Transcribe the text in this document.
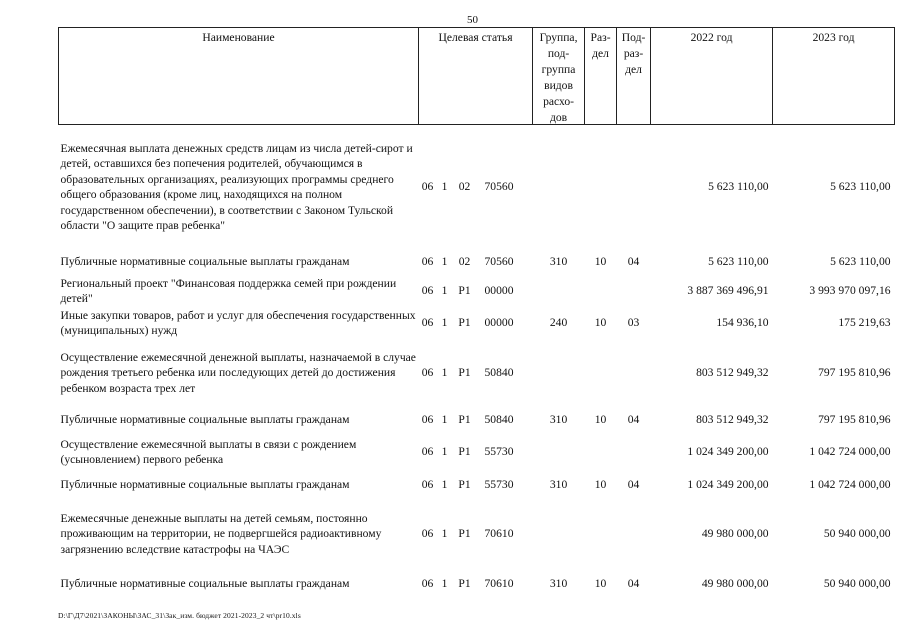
50
Наименование	Целевая статья				Группа, под- группа видов расхо- дов	Раз- дел	Под- раз- дел	2022 год	2023 год
Ежемесячная выплата денежных средств лицам из числа детей-сирот и детей, оставшихся без попечения родителей, обучающимся в образовательных организациях, реализующих программы среднего общего образования (кроме лиц, находящихся на полном государственном обеспечении), в соответствии с Законом Тульской области "О защите прав ребенка"	06	1	02	70560				5 623 110,00	5 623 110,00
Публичные нормативные социальные выплаты гражданам	06	1	02	70560	310	10	04	5 623 110,00	5 623 110,00
Региональный проект "Финансовая поддержка семей при рождении детей"	06	1	P1	00000				3 887 369 496,91	3 993 970 097,16
Иные закупки товаров, работ и услуг для обеспечения государственных (муниципальных) нужд	06	1	P1	00000	240	10	03	154 936,10	175 219,63
Осуществление ежемесячной денежной выплаты, назначаемой в случае рождения третьего ребенка или последующих детей до достижения ребенком возраста трех лет	06	1	P1	50840				803 512 949,32	797 195 810,96
Публичные нормативные социальные выплаты гражданам	06	1	P1	50840	310	10	04	803 512 949,32	797 195 810,96
Осуществление ежемесячной выплаты в связи с рождением (усыновлением) первого ребенка	06	1	P1	55730				1 024 349 200,00	1 042 724 000,00
Публичные нормативные социальные выплаты гражданам	06	1	P1	55730	310	10	04	1 024 349 200,00	1 042 724 000,00
Ежемесячные денежные выплаты на детей семьям, постоянно проживающим на территории, не подвергшейся радиоактивному загрязнению вследствие катастрофы на ЧАЭС	06	1	P1	70610				49 980 000,00	50 940 000,00
Публичные нормативные социальные выплаты гражданам	06	1	P1	70610	310	10	04	49 980 000,00	50 940 000,00
D:\Г\Д7\2021\ЗАКОНЫ\ЗАС_31\Зак_изм. бюджет 2021-2023_2 чт\pr10.xls
